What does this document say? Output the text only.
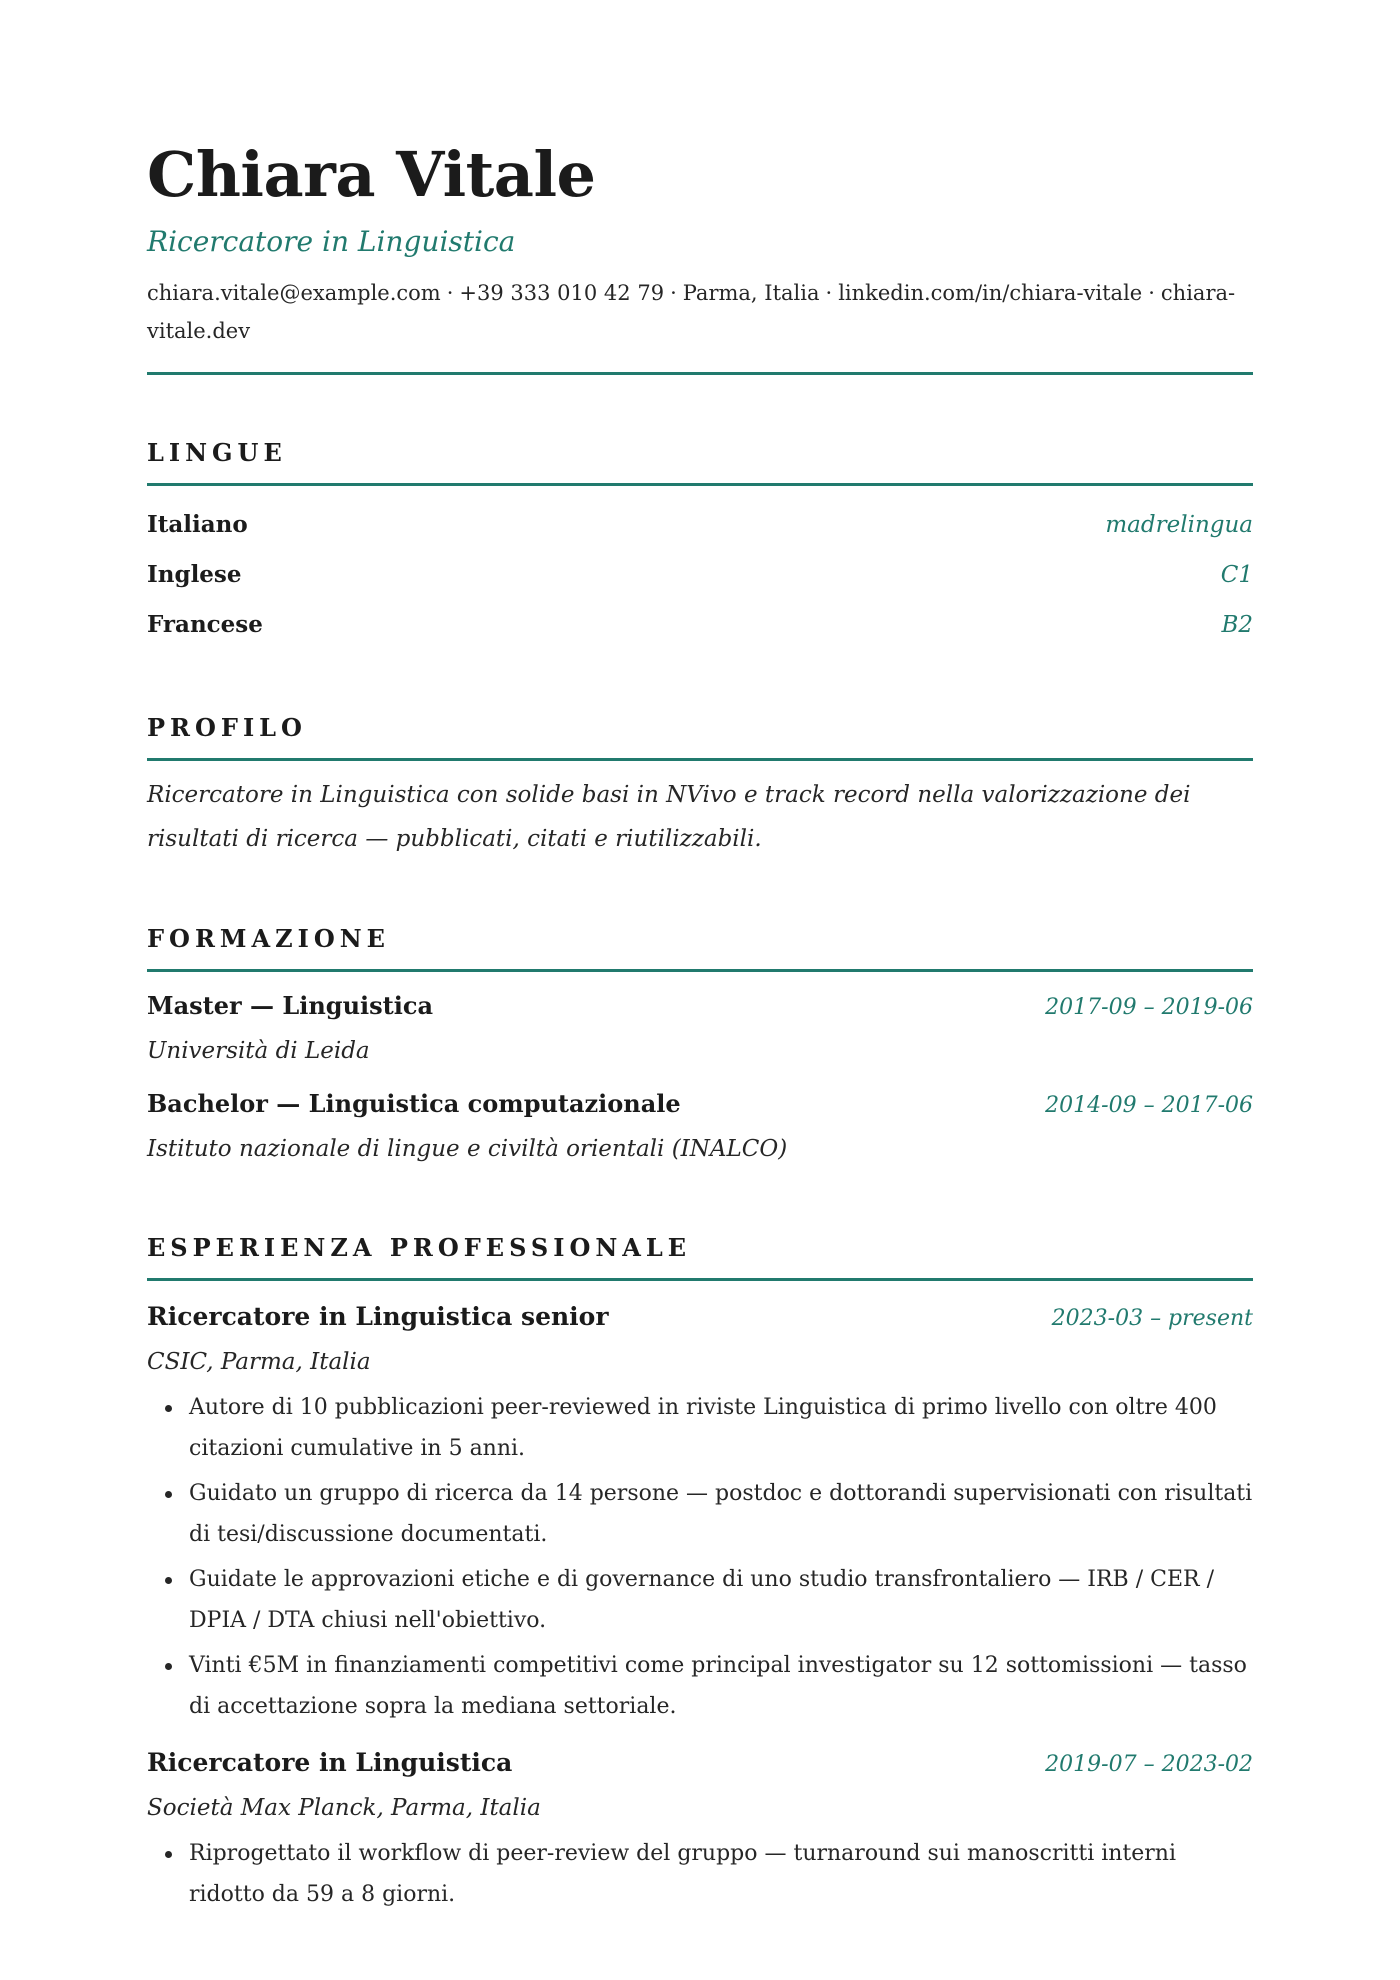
Chiara Vitale
Ricercatore in Linguistica
chiara.vitale@example.com · +39 333 010 42 79 · Parma, Italia · linkedin.com/in/chiara-vitale · chiara-vitale.dev
LINGUE
Italiano	madrelingua
Inglese	C1
Francese	B2
PROFILO
Ricercatore in Linguistica con solide basi in NVivo e track record nella valorizzazione dei risultati di ricerca — pubblicati, citati e riutilizzabili.
FORMAZIONE
Master — Linguistica	2017-09 – 2019-06
Università di Leida
Bachelor — Linguistica computazionale	2014-09 – 2017-06
Istituto nazionale di lingue e civiltà orientali (INALCO)
ESPERIENZA PROFESSIONALE
Ricercatore in Linguistica senior	2023-03 – present
CSIC, Parma, Italia
Autore di 10 pubblicazioni peer-reviewed in riviste Linguistica di primo livello con oltre 400 citazioni cumulative in 5 anni.
Guidato un gruppo di ricerca da 14 persone — postdoc e dottorandi supervisionati con risultati di tesi/discussione documentati.
Guidate le approvazioni etiche e di governance di uno studio transfrontaliero — IRB / CER / DPIA / DTA chiusi nell'obiettivo.
Vinti €5M in finanziamenti competitivi come principal investigator su 12 sottomissioni — tasso di accettazione sopra la mediana settoriale.
Ricercatore in Linguistica	2019-07 – 2023-02
Società Max Planck, Parma, Italia
Riprogettato il workflow di peer-review del gruppo — turnaround sui manoscritti interni ridotto da 59 a 8 giorni.
